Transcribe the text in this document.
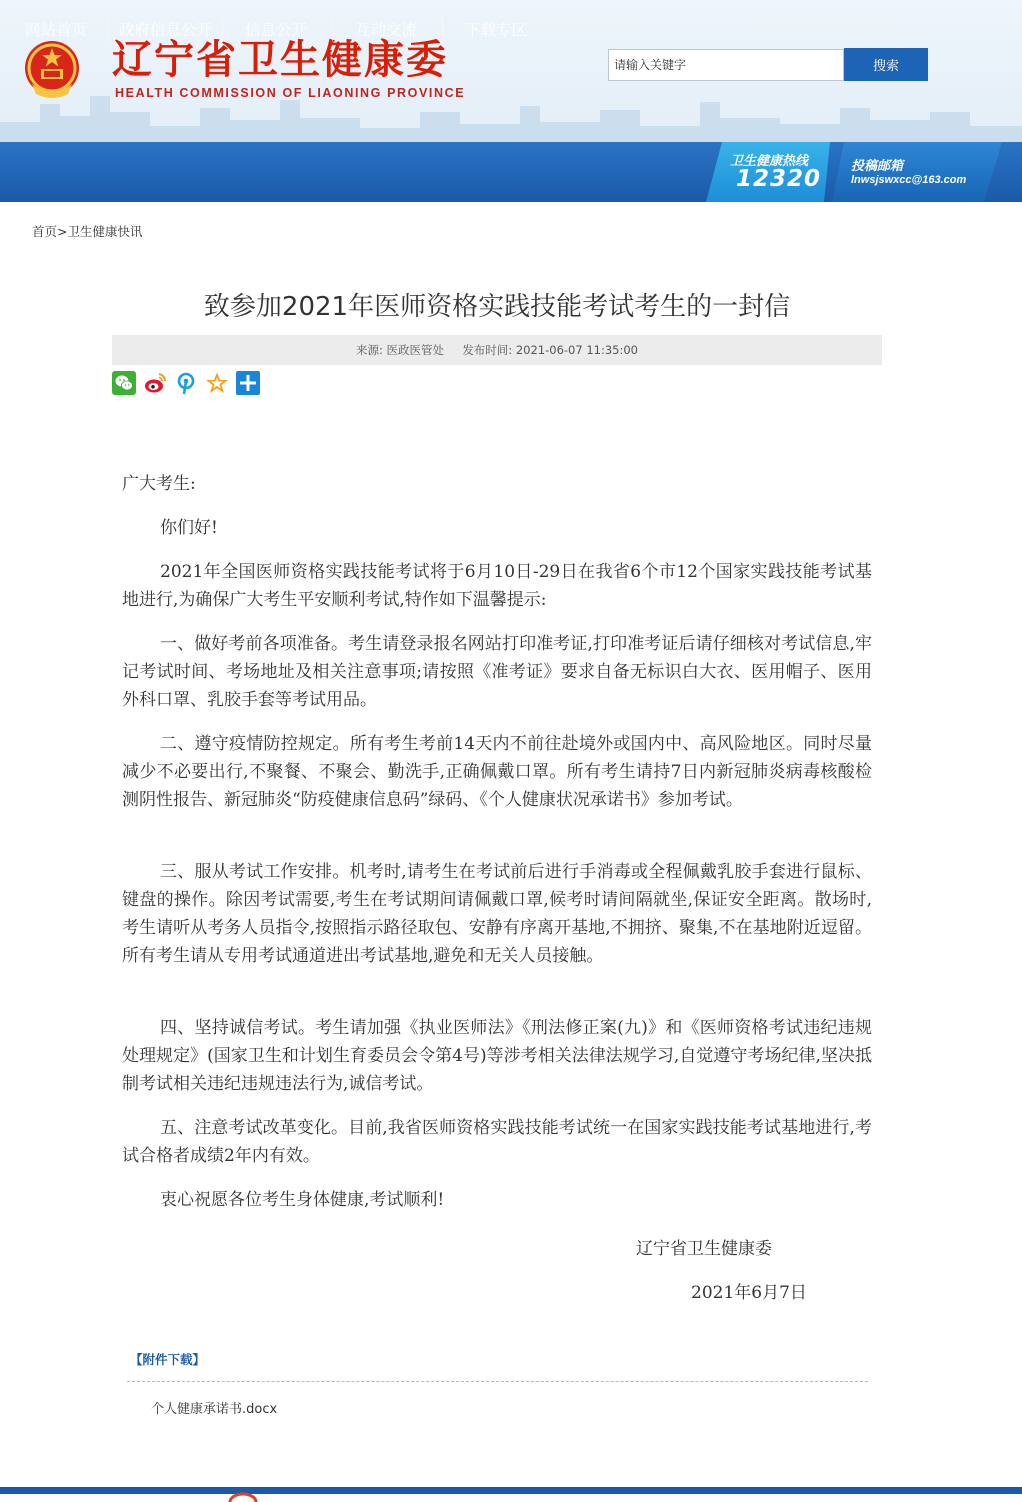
辽宁省卫生健康委
HEALTH COMMISSION OF LIAONING PROVINCE
请输入关键字
搜索
网站首页 政府信息公开 信息公开	互动交流	下载专区
卫生健康热线
12320 投稿邮箱
lnwsjswxcc@163.com
首页>卫生健康快讯
致参加2021年医师资格实践技能考试考生的一封信
来源: 医政医管处 发布时间: 2021-06-07 11:35:00
广大考生:
你们好!
2021年全国医师资格实践技能考试将于6月10日-29日在我省6个市12个国家实践技能考试基地进行,为确保广大考生平安顺利考试,特作如下温馨提示:
一、做好考前各项准备。考生请登录报名网站打印准考证,打印准考证后请仔细核对考试信息,牢记考试时间、考场地址及相关注意事项;请按照《准考证》要求自备无标识白大衣、医用帽子、医用外科口罩、乳胶手套等考试用品。
二、遵守疫情防控规定。所有考生考前14天内不前往赴境外或国内中、高风险地区。同时尽量减少不必要出行,不聚餐、不聚会、勤洗手,正确佩戴口罩。所有考生请持7日内新冠肺炎病毒核酸检测阴性报告、新冠肺炎“防疫健康信息码”绿码、《个人健康状况承诺书》参加考试。
三、服从考试工作安排。机考时,请考生在考试前后进行手消毒或全程佩戴乳胶手套进行鼠标、键盘的操作。除因考试需要,考生在考试期间请佩戴口罩,候考时请间隔就坐,保证安全距离。散场时,考生请听从考务人员指令,按照指示路径取包、安静有序离开基地,不拥挤、聚集,不在基地附近逗留。所有考生请从专用考试通道进出考试基地,避免和无关人员接触。
四、坚持诚信考试。考生请加强《执业医师法》《刑法修正案(九)》和《医师资格考试违纪违规处理规定》(国家卫生和计划生育委员会令第4号)等涉考相关法律法规学习,自觉遵守考场纪律,坚决抵制考试相关违纪违规违法行为,诚信考试。
五、注意考试改革变化。目前,我省医师资格实践技能考试统一在国家实践技能考试基地进行,考试合格者成绩2年内有效。
衷心祝愿各位考生身体健康,考试顺利!
辽宁省卫生健康委
2021年6月7日
【附件下载】
个人健康承诺书.docx
